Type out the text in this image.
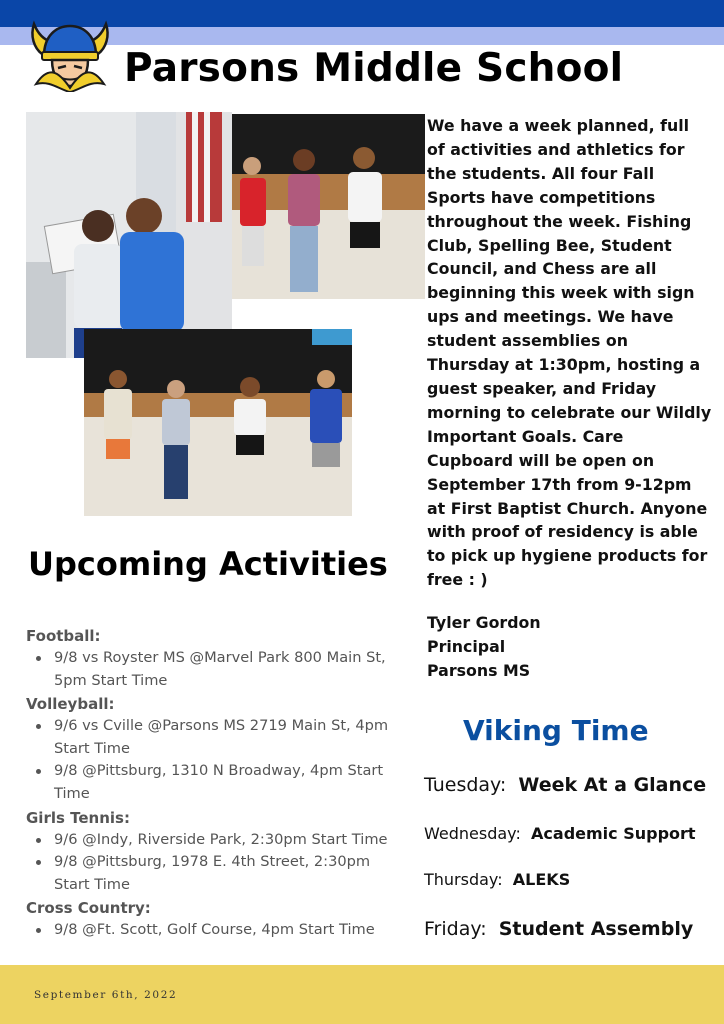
Parsons Middle School
We have a week planned, full of activities and athletics for the students. All four Fall Sports have competitions throughout the week. Fishing Club, Spelling Bee, Student Council, and Chess are all beginning this week with sign ups and meetings. We have student assemblies on Thursday at 1:30pm, hosting a guest speaker, and Friday morning to celebrate our Wildly Important Goals. Care Cupboard will be open on September 17th from 9-12pm at First Baptist Church. Anyone with proof of residency is able to pick up hygiene products for free : )
Tyler Gordon
Principal
Parsons MS
Upcoming Activities
Football:
9/8 vs Royster MS @Marvel Park 800 Main St, 5pm Start Time
Volleyball:
9/6 vs Cville @Parsons MS 2719 Main St, 4pm Start Time
9/8 @Pittsburg, 1310 N Broadway, 4pm Start Time
Girls Tennis:
9/6 @Indy, Riverside Park, 2:30pm Start Time
9/8 @Pittsburg, 1978 E. 4th Street, 2:30pm Start Time
Cross Country:
9/8 @Ft. Scott, Golf Course, 4pm Start Time
Viking Time
Tuesday: Week At a Glance
Wednesday: Academic Support
Thursday: ALEKS
Friday: Student Assembly
September 6th, 2022
